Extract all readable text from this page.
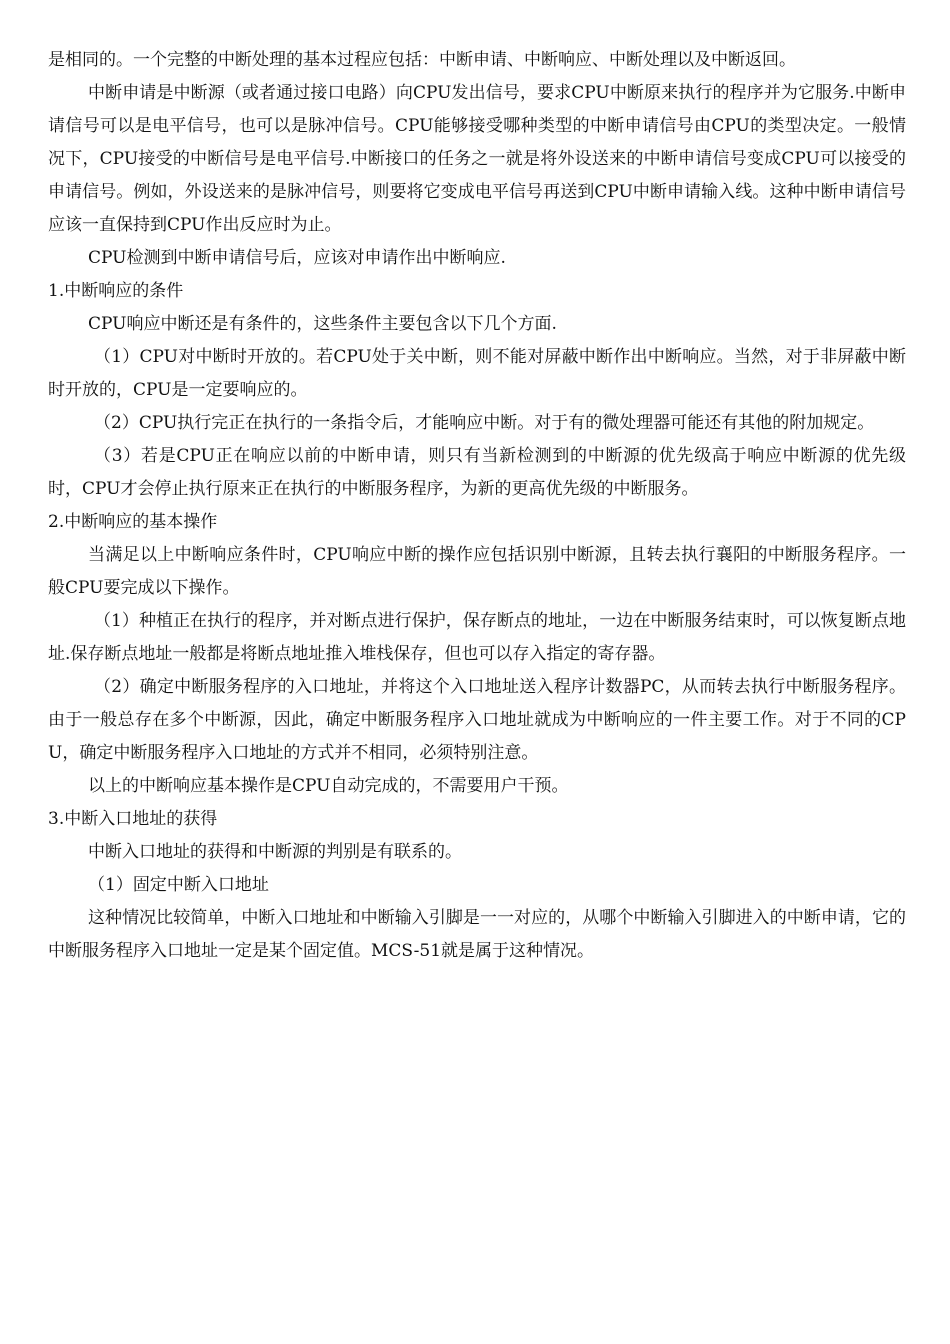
是相同的。一个完整的中断处理的基本过程应包括：中断申请、中断响应、中断处理以及中断返回。

中断申请是中断源（或者通过接口电路）向CPU发出信号，要求CPU中断原来执行的程序并为它服务.中断申请信号可以是电平信号，也可以是脉冲信号。CPU能够接受哪种类型的中断申请信号由CPU的类型决定。一般情况下，CPU接受的中断信号是电平信号.中断接口的任务之一就是将外设送来的中断申请信号变成CPU可以接受的申请信号。例如，外设送来的是脉冲信号，则要将它变成电平信号再送到CPU中断申请输入线。这种中断申请信号应该一直保持到CPU作出反应时为止。

CPU检测到中断申请信号后，应该对申请作出中断响应.

1.中断响应的条件

CPU响应中断还是有条件的，这些条件主要包含以下几个方面.

（1）CPU对中断时开放的。若CPU处于关中断，则不能对屏蔽中断作出中断响应。当然，对于非屏蔽中断时开放的，CPU是一定要响应的。

（2）CPU执行完正在执行的一条指令后，才能响应中断。对于有的微处理器可能还有其他的附加规定。

（3）若是CPU正在响应以前的中断申请，则只有当新检测到的中断源的优先级高于响应中断源的优先级时，CPU才会停止执行原来正在执行的中断服务程序，为新的更高优先级的中断服务。

2.中断响应的基本操作

当满足以上中断响应条件时，CPU响应中断的操作应包括识别中断源，且转去执行襄阳的中断服务程序。一般CPU要完成以下操作。

（1）种植正在执行的程序，并对断点进行保护，保存断点的地址，一边在中断服务结束时，可以恢复断点地址.保存断点地址一般都是将断点地址推入堆栈保存，但也可以存入指定的寄存器。

（2）确定中断服务程序的入口地址，并将这个入口地址送入程序计数器PC，从而转去执行中断服务程序。由于一般总存在多个中断源，因此，确定中断服务程序入口地址就成为中断响应的一件主要工作。对于不同的CPU，确定中断服务程序入口地址的方式并不相同，必须特别注意。

以上的中断响应基本操作是CPU自动完成的，不需要用户干预。

3.中断入口地址的获得

中断入口地址的获得和中断源的判别是有联系的。

（1）固定中断入口地址

这种情况比较简单，中断入口地址和中断输入引脚是一一对应的，从哪个中断输入引脚进入的中断申请，它的中断服务程序入口地址一定是某个固定值。MCS-51就是属于这种情况。
